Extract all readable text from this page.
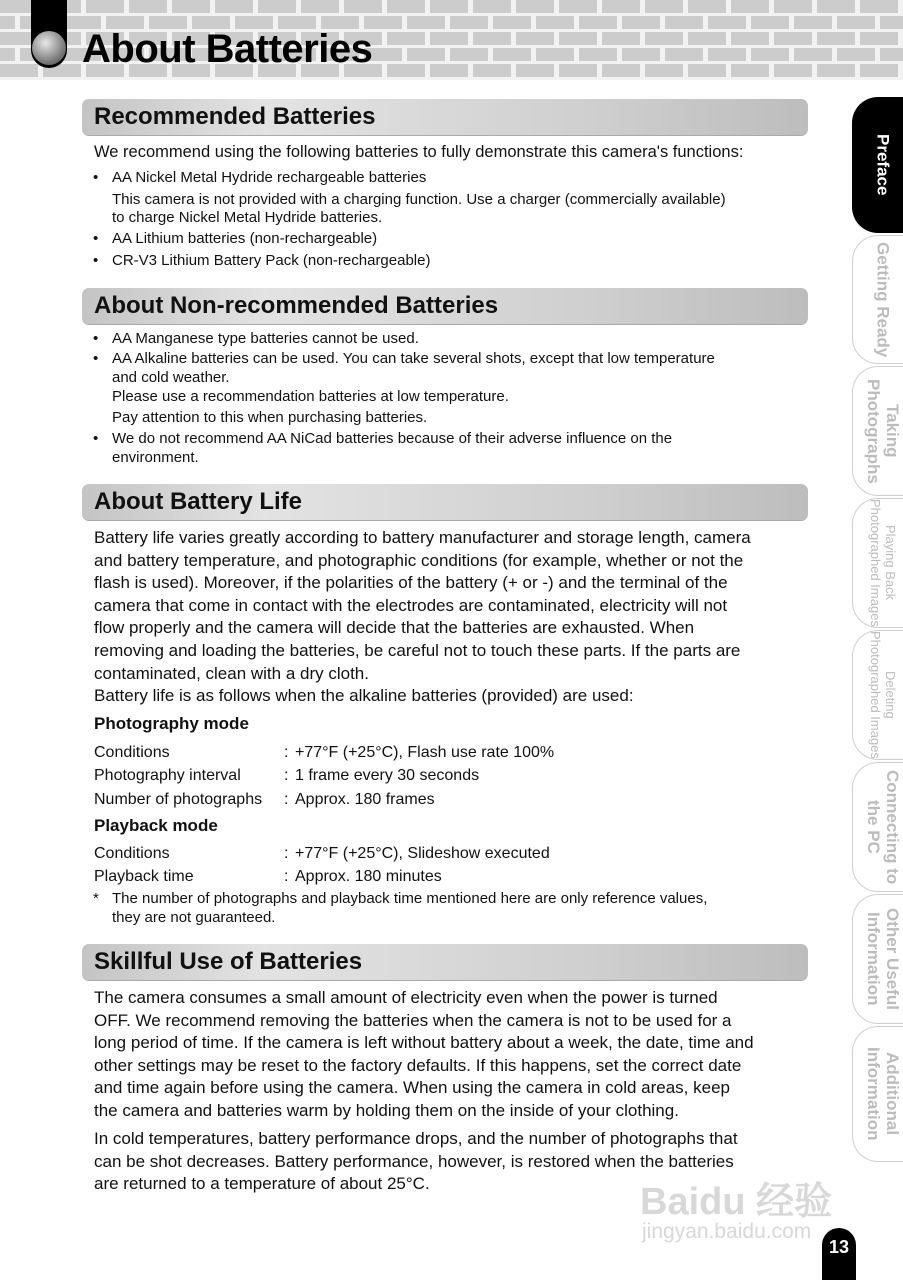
About Batteries
Recommended Batteries
We recommend using the following batteries to fully demonstrate this camera's functions:
• AA Nickel Metal Hydride rechargeable batteries
This camera is not provided with a charging function. Use a charger (commercially available)
to charge Nickel Metal Hydride batteries.
• AA Lithium batteries (non-rechargeable)
• CR-V3 Lithium Battery Pack (non-rechargeable)
About Non-recommended Batteries
• AA Manganese type batteries cannot be used.
• AA Alkaline batteries can be used. You can take several shots, except that low temperature
and cold weather.
Please use a recommendation batteries at low temperature.
Pay attention to this when purchasing batteries.
• We do not recommend AA NiCad batteries because of their adverse influence on the
environment.
About Battery Life
Battery life varies greatly according to battery manufacturer and storage length, camera
and battery temperature, and photographic conditions (for example, whether or not the
flash is used). Moreover, if the polarities of the battery (+ or -) and the terminal of the
camera that come in contact with the electrodes are contaminated, electricity will not
flow properly and the camera will decide that the batteries are exhausted. When
removing and loading the batteries, be careful not to touch these parts. If the parts are
contaminated, clean with a dry cloth.
Battery life is as follows when the alkaline batteries (provided) are used:
Photography mode
Conditions	: +77°F (+25°C), Flash use rate 100%
Photography interval	: 1 frame every 30 seconds
Number of photographs : Approx. 180 frames
Playback mode
Conditions	: +77°F (+25°C), Slideshow executed
Playback time	: Approx. 180 minutes
* The number of photographs and playback time mentioned here are only reference values,
they are not guaranteed.
Skillful Use of Batteries
The camera consumes a small amount of electricity even when the power is turned
OFF. We recommend removing the batteries when the camera is not to be used for a
long period of time. If the camera is left without battery about a week, the date, time and
other settings may be reset to the factory defaults. If this happens, set the correct date
and time again before using the camera. When using the camera in cold areas, keep
the camera and batteries warm by holding them on the inside of your clothing.
In cold temperatures, battery performance drops, and the number of photographs that
can be shot decreases. Battery performance, however, is restored when the batteries
are returned to a temperature of about 25°C.
Preface
Getting Ready
Taking Photographs
Playing Back Photographed Images
Deleting Photographed Images
Connecting to the PC
Other Useful Information
Additional Information
Baidu 经验
jingyan.baidu.com
13
